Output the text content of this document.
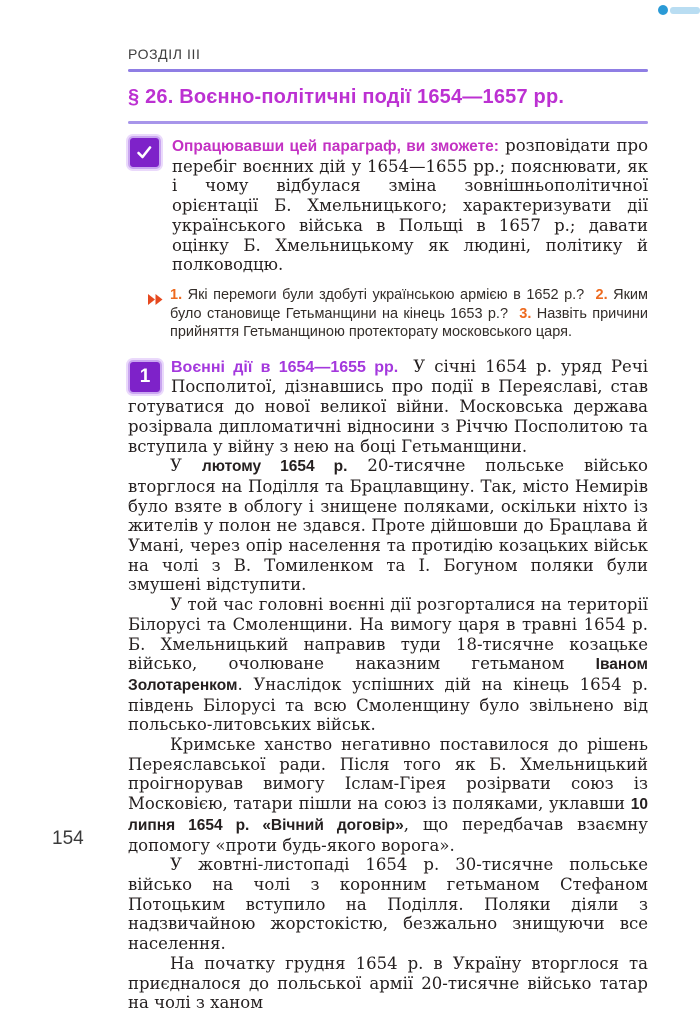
РОЗДІЛ III
§ 26. Воєнно-політичні події 1654—1657 рр.

Опрацювавши цей параграф, ви зможете: розповідати про перебіг воєнних дій у 1654—1655 рр.; пояснювати, як і чому відбулася зміна зовнішньополітичної орієнтації Б. Хмельницького; характеризувати дії українського війська в Польщі в 1657 р.; давати оцінку Б. Хмельницькому як людині, політику й полководцю.

1. Які перемоги були здобуті українською армією в 1652 р.?  2. Яким було становище Гетьманщини на кінець 1653 р.?  3. Назвіть причини прийняття Гетьманщиною протекторату московського царя.

1 Воєнні дії в 1654—1655 рр. У січні 1654 р. уряд Речі Посполитої, дізнавшись про події в Переяславі, став готуватися до нової великої війни. Московська держава розірвала дипломатичні відносини з Річчю Посполитою та вступила у війну з нею на боці Гетьманщини.

У лютому 1654 р. 20-тисячне польське військо вторглося на Поділля та Брацлавщину. Так, місто Немирів було взяте в облогу і знищене поляками, оскільки ніхто із жителів у полон не здався. Проте дійшовши до Брацлава й Умані, через опір населення та протидію козацьких військ на чолі з В. Томиленком та І. Богуном поляки були змушені відступити.

У той час головні воєнні дії розгорталися на території Білорусі та Смоленщини. На вимогу царя в травні 1654 р. Б. Хмельницький направив туди 18-тисячне козацьке військо, очолюване наказним гетьманом Іваном Золотаренком. Унаслідок успішних дій на кінець 1654 р. південь Білорусі та всю Смоленщину було звільнено від польсько-литовських військ.

Кримське ханство негативно поставилося до рішень Переяславської ради. Після того як Б. Хмельницький проігнорував вимогу Іслам-Гірея розірвати союз із Московією, татари пішли на союз із поляками, уклавши 10 липня 1654 р. «Вічний договір», що передбачав взаємну допомогу «проти будь-якого ворога».

У жовтні-листопаді 1654 р. 30-тисячне польське військо на чолі з коронним гетьманом Стефаном Потоцьким вступило на Поділля. Поляки діяли з надзвичайною жорстокістю, безжально знищуючи все населення.

На початку грудня 1654 р. в Україну вторглося та приєдналося до польської армії 20-тисячне військо татар на чолі з ханом

154
